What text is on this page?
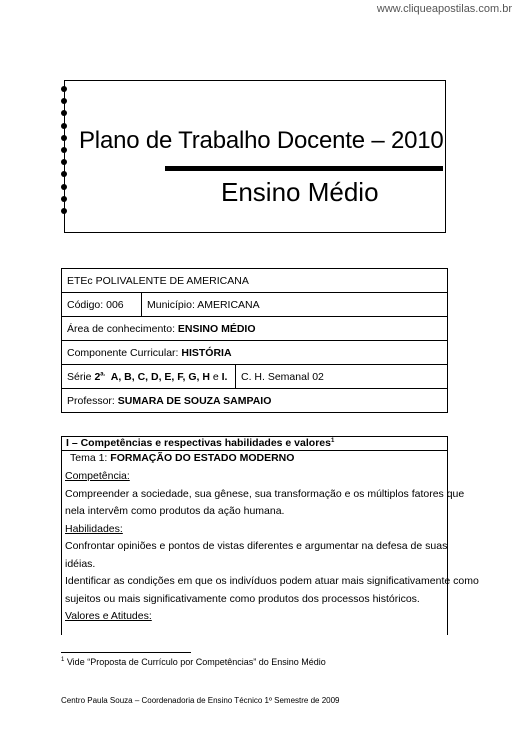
www.cliqueapostilas.com.br
Plano de Trabalho Docente – 2010
Ensino Médio
ETEc POLIVALENTE DE AMERICANA		
Código: 006	Município: AMERICANA	
Área de conhecimento: ENSINO MÉDIO		
Componente Curricular: HISTÓRIA		
Série $2^{a.}$  A, B, C, D, E, F, G, H e I.		C. H. Semanal 02
Professor: SUMARA DE SOUZA SAMPAIO		
I – Competências e respectivas habilidades e valores$^1$
Tema 1: FORMAÇÃO DO ESTADO MODERNO
Competência:
Compreender a sociedade, sua gênese, sua transformação e os múltiplos fatores que
nela intervêm como produtos da ação humana.
Habilidades:
Confrontar opiniões e pontos de vistas diferentes e argumentar na defesa de suas
idéias.
Identificar as condições em que os indivíduos podem atuar mais significativamente como
sujeitos ou mais significativamente como produtos dos processos históricos.
Valores e Atitudes:
$^1$ Vide “Proposta de Currículo por Competências” do Ensino Médio
Centro Paula Souza – Coordenadoria de Ensino Técnico 1º Semestre de 2009
